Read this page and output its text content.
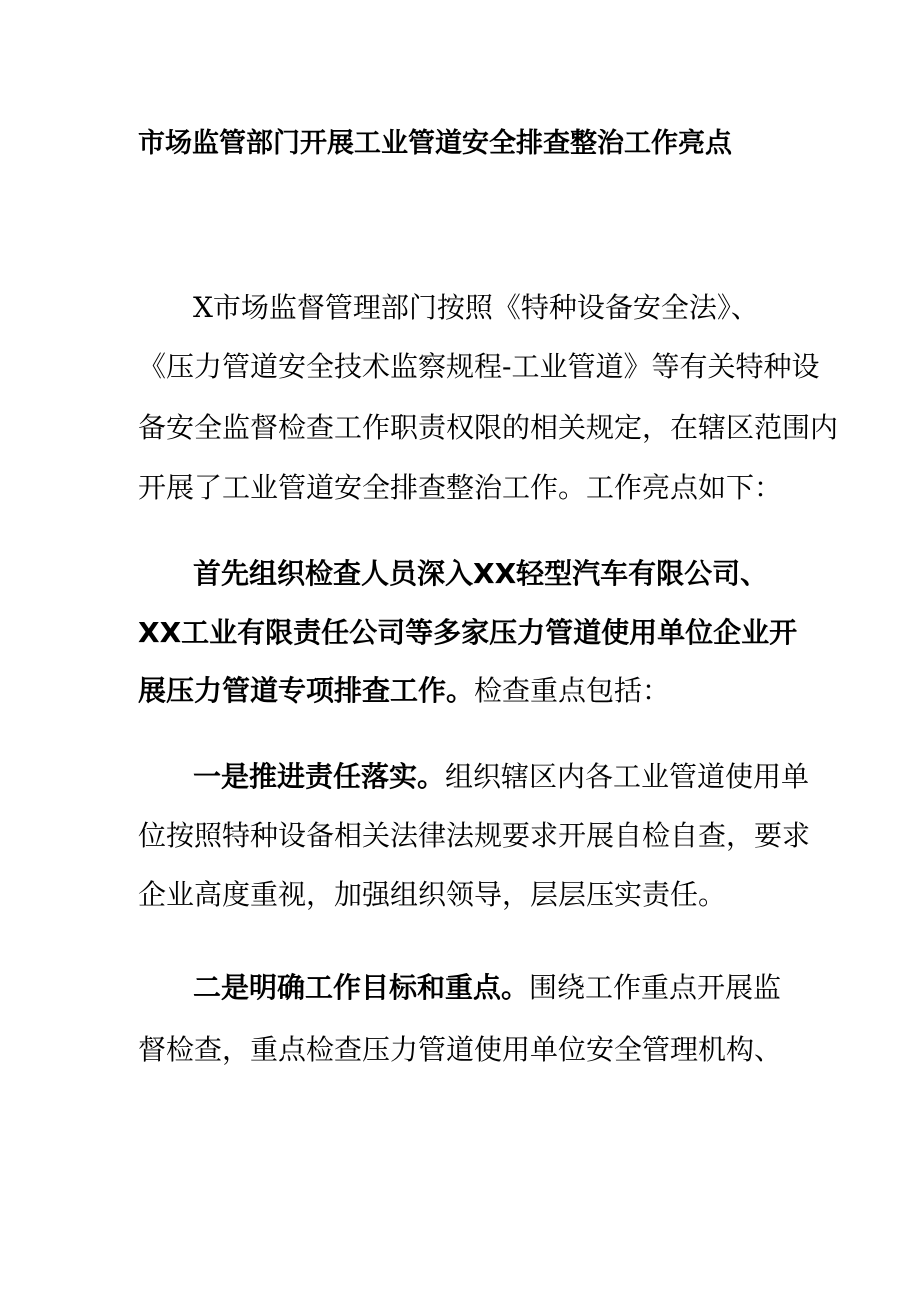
市场监管部门开展工业管道安全排查整治工作亮点

X市场监督管理部门按照《特种设备安全法》、

《压力管道安全技术监察规程-工业管道》等有关特种设

备安全监督检查工作职责权限的相关规定，在辖区范围内

开展了工业管道安全排查整治工作。工作亮点如下：

首先组织检查人员深入XX轻型汽车有限公司、

XX工业有限责任公司等多家压力管道使用单位企业开

展压力管道专项排查工作。检查重点包括：

一是推进责任落实。组织辖区内各工业管道使用单

位按照特种设备相关法律法规要求开展自检自查，要求

企业高度重视，加强组织领导，层层压实责任。

二是明确工作目标和重点。围绕工作重点开展监

督检查，重点检查压力管道使用单位安全管理机构、
